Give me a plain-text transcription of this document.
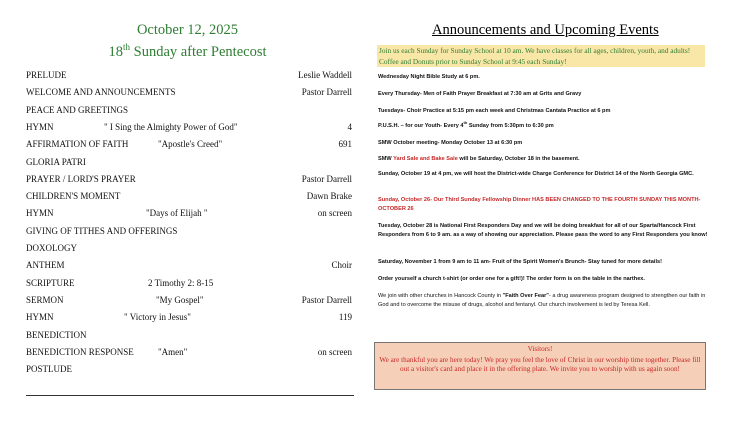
October 12, 2025
18th Sunday after Pentecost
PRELUDE	Leslie Waddell
WELCOME AND ANNOUNCEMENTS	Pastor Darrell
PEACE AND GREETINGS
HYMN	" I Sing the Almighty Power of God"	4
AFFIRMATION OF FAITH	"Apostle's Creed"	691
GLORIA PATRI
PRAYER / LORD'S PRAYER	Pastor Darrell
CHILDREN'S MOMENT	Dawn Brake
HYMN	"Days of Elijah "	on screen
GIVING OF TITHES AND OFFERINGS
DOXOLOGY
ANTHEM	Choir
SCRIPTURE	2 Timothy 2: 8-15
SERMON	"My Gospel"	Pastor Darrell
HYMN	" Victory in Jesus"	119
BENEDICTION
BENEDICTION RESPONSE	"Amen"	on screen
POSTLUDE
Announcements and Upcoming Events
Join us each Sunday for Sunday School at 10 am. We have classes for all ages, children, youth, and adults! Coffee and Donuts prior to Sunday School at 9:45 each Sunday!
Wednesday Night Bible Study at 6 pm.
Every Thursday- Men of Faith Prayer Breakfast at 7:30 am at Grits and Gravy
Tuesdays- Choir Practice at 5:15 pm each week and Christmas Cantata Practice at 6 pm
P.U.S.H. – for our Youth- Every 4th Sunday from 5:30pm to 6:30 pm
SMW October meeting- Monday October 13 at 6:30 pm
SMW Yard Sale and Bake Sale will be Saturday, October 18 in the basement.
Sunday, October 19 at 4 pm, we will host the District-wide Charge Conference for District 14 of the North Georgia GMC.
Sunday, October 26- Our Third Sunday Fellowship Dinner HAS BEEN CHANGED TO THE FOURTH SUNDAY THIS MONTH- OCTOBER 26
Tuesday, October 28 is National First Responders Day and we will be doing breakfast for all of our Sparta/Hancock First Responders from 6 to 9 am. as a way of showing our appreciation. Please pass the word to any First Responders you know!
Saturday, November 1 from 9 am to 11 am- Fruit of the Spirit Women's Brunch- Stay tuned for more details!
Order yourself a church t-shirt (or order one for a gift!)! The order form is on the table in the narthex.
We join with other churches in Hancock County in "Faith Over Fear"- a drug awareness program designed to strengthen our faith in God and to overcome the misuse of drugs, alcohol and fentanyl. Our church involvement is led by Teresa Kell.
Visitors!
We are thankful you are here today! We pray you feel the love of Christ in our worship time together. Please fill out a visitor's card and place it in the offering plate. We invite you to worship with us again soon!
